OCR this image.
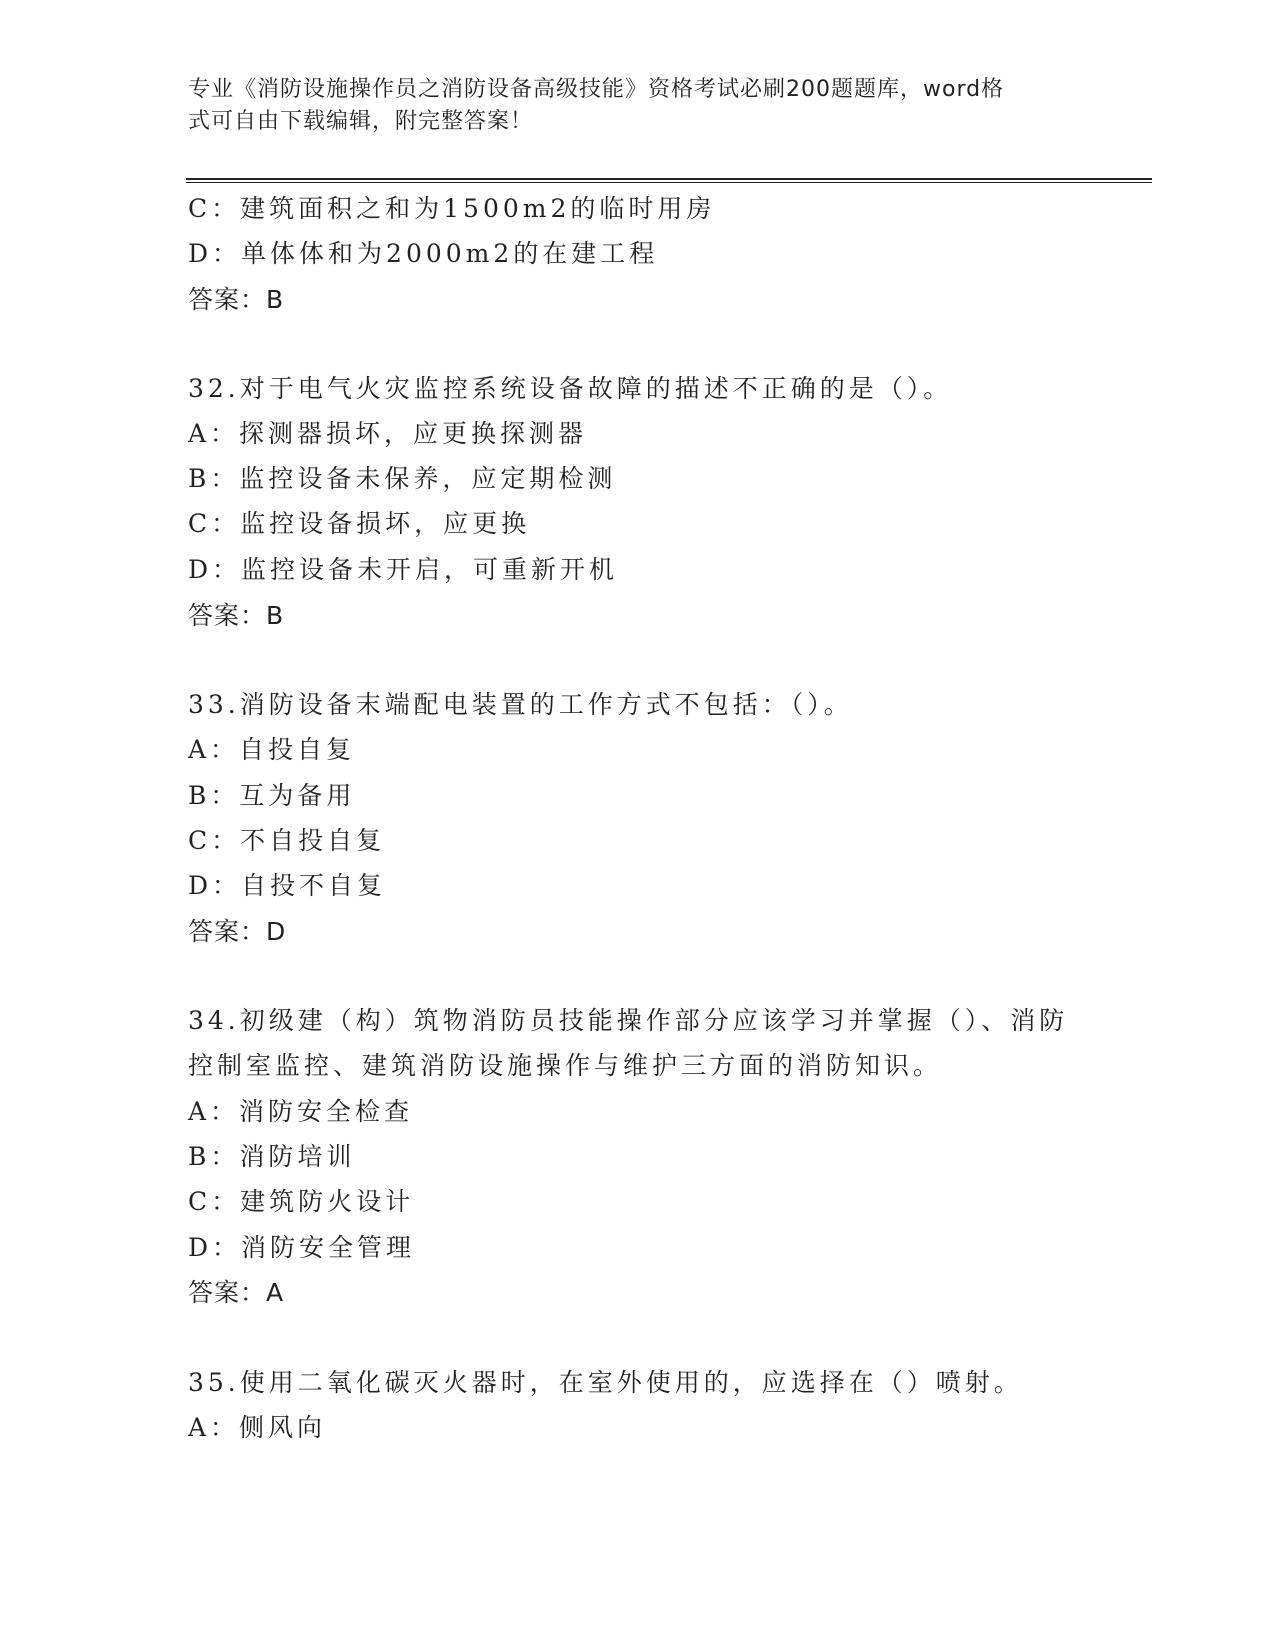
专业《消防设施操作员之消防设备高级技能》资格考试必刷200题题库，word格
式可自由下载编辑，附完整答案！
C：建筑面积之和为1500m2的临时用房
D：单体体和为2000m2的在建工程
答案：B
32.对于电气火灾监控系统设备故障的描述不正确的是（）。
A：探测器损坏，应更换探测器
B：监控设备未保养，应定期检测
C：监控设备损坏，应更换
D：监控设备未开启，可重新开机
答案：B
33.消防设备末端配电装置的工作方式不包括：（）。
A：自投自复
B：互为备用
C：不自投自复
D：自投不自复
答案：D
34.初级建（构）筑物消防员技能操作部分应该学习并掌握（）、消防
控制室监控、建筑消防设施操作与维护三方面的消防知识。
A：消防安全检查
B：消防培训
C：建筑防火设计
D：消防安全管理
答案：A
35.使用二氧化碳灭火器时，在室外使用的，应选择在（）喷射。
A：侧风向
